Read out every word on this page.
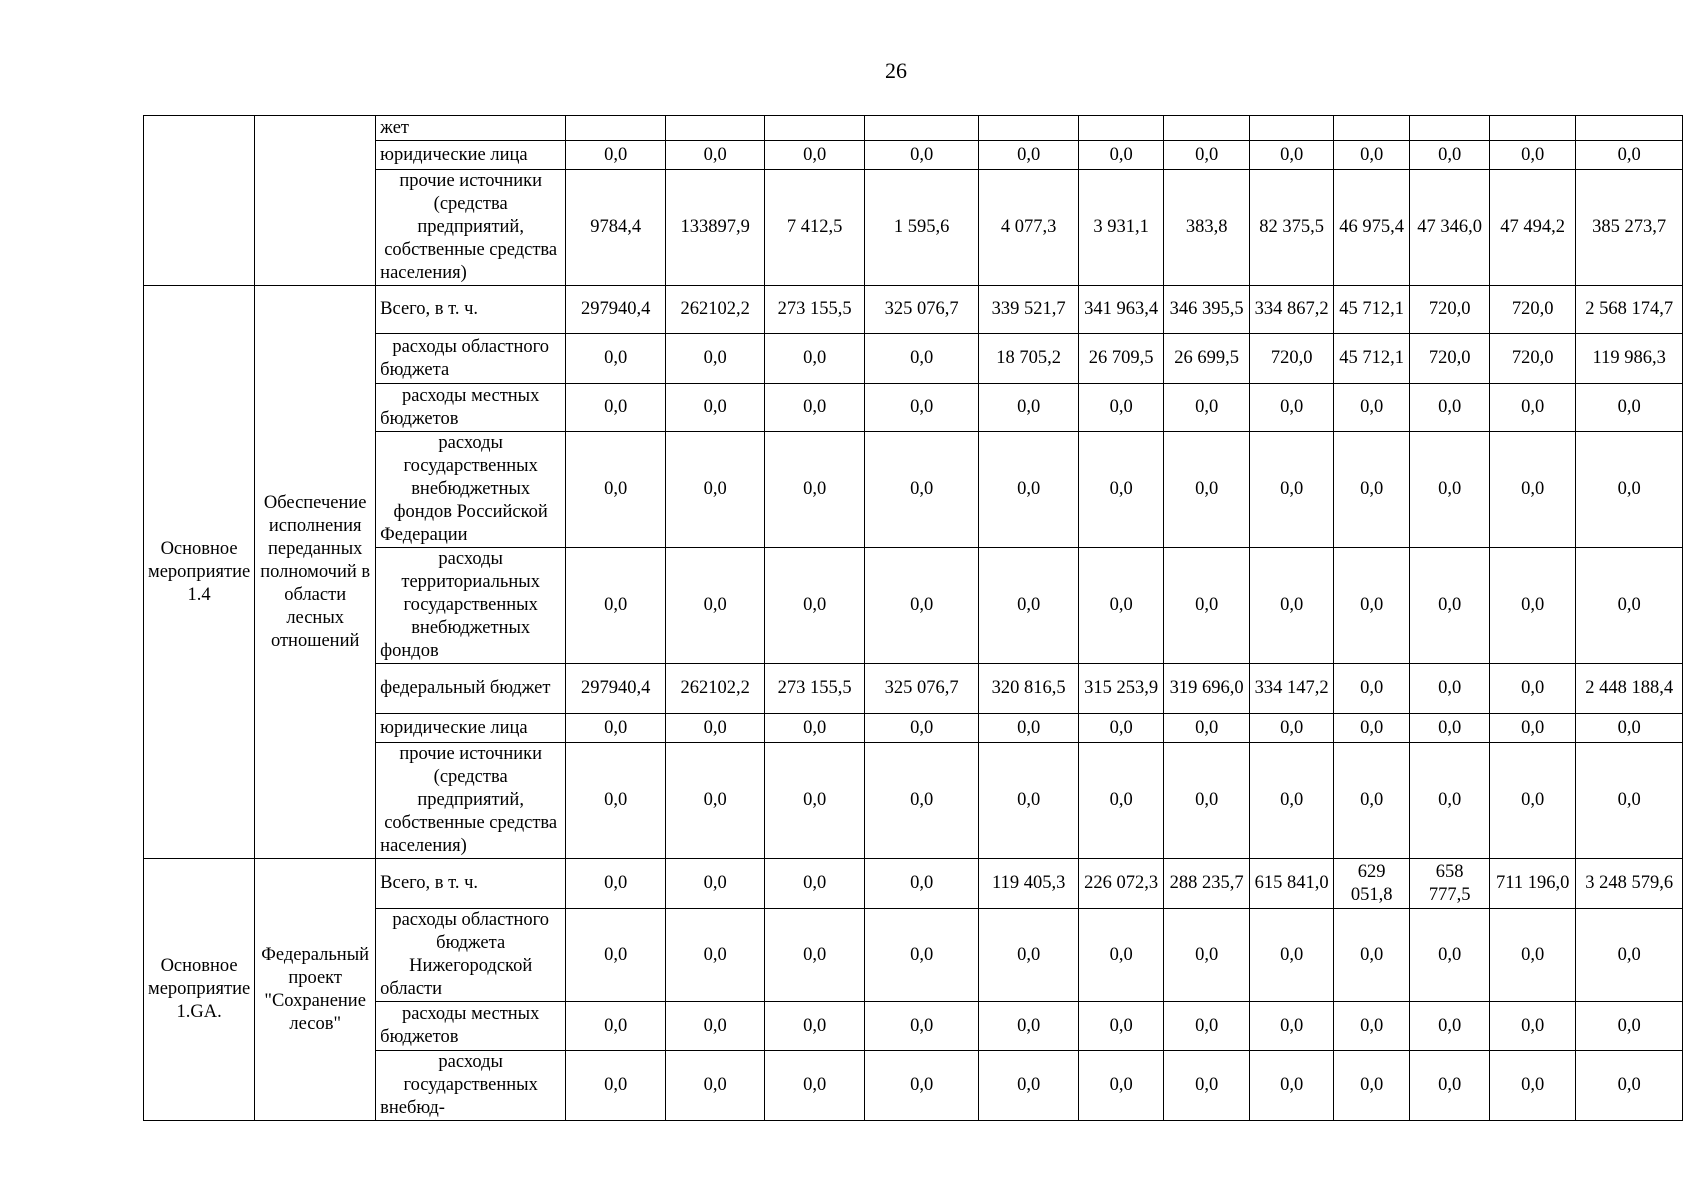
26
		жет												
		юридические лица	0,0	0,0	0,0	0,0	0,0	0,0	0,0	0,0	0,0	0,0	0,0	0,0
		прочие источники (средства предприятий, собственные средства населения)	9784,4	133897,9	7 412,5	1 595,6	4 077,3	3 931,1	383,8	82 375,5	46 975,4	47 346,0	47 494,2	385 273,7
Основное мероприятие 1.4	Обеспечение исполнения переданных полномочий в области лесных отношений	Всего, в т. ч.	297940,4	262102,2	273 155,5	325 076,7	339 521,7	341 963,4	346 395,5	334 867,2	45 712,1	720,0	720,0	2 568 174,7
		расходы областного бюджета	0,0	0,0	0,0	0,0	18 705,2	26 709,5	26 699,5	720,0	45 712,1	720,0	720,0	119 986,3
		расходы местных бюджетов	0,0	0,0	0,0	0,0	0,0	0,0	0,0	0,0	0,0	0,0	0,0	0,0
		расходы государственных внебюджетных фондов Российской Федерации	0,0	0,0	0,0	0,0	0,0	0,0	0,0	0,0	0,0	0,0	0,0	0,0
		расходы территориальных государственных внебюджетных фондов	0,0	0,0	0,0	0,0	0,0	0,0	0,0	0,0	0,0	0,0	0,0	0,0
		федеральный бюджет	297940,4	262102,2	273 155,5	325 076,7	320 816,5	315 253,9	319 696,0	334 147,2	0,0	0,0	0,0	2 448 188,4
		юридические лица	0,0	0,0	0,0	0,0	0,0	0,0	0,0	0,0	0,0	0,0	0,0	0,0
		прочие источники (средства предприятий, собственные средства населения)	0,0	0,0	0,0	0,0	0,0	0,0	0,0	0,0	0,0	0,0	0,0	0,0
Основное мероприятие 1.GA.	Федеральный проект "Сохранение лесов"	Всего, в т. ч.	0,0	0,0	0,0	0,0	119 405,3	226 072,3	288 235,7	615 841,0	629 051,8	658 777,5	711 196,0	3 248 579,6
		расходы областного бюджета Нижегородской области	0,0	0,0	0,0	0,0	0,0	0,0	0,0	0,0	0,0	0,0	0,0	0,0
		расходы местных бюджетов	0,0	0,0	0,0	0,0	0,0	0,0	0,0	0,0	0,0	0,0	0,0	0,0
		расходы государственных внебюд-	0,0	0,0	0,0	0,0	0,0	0,0	0,0	0,0	0,0	0,0	0,0	0,0
